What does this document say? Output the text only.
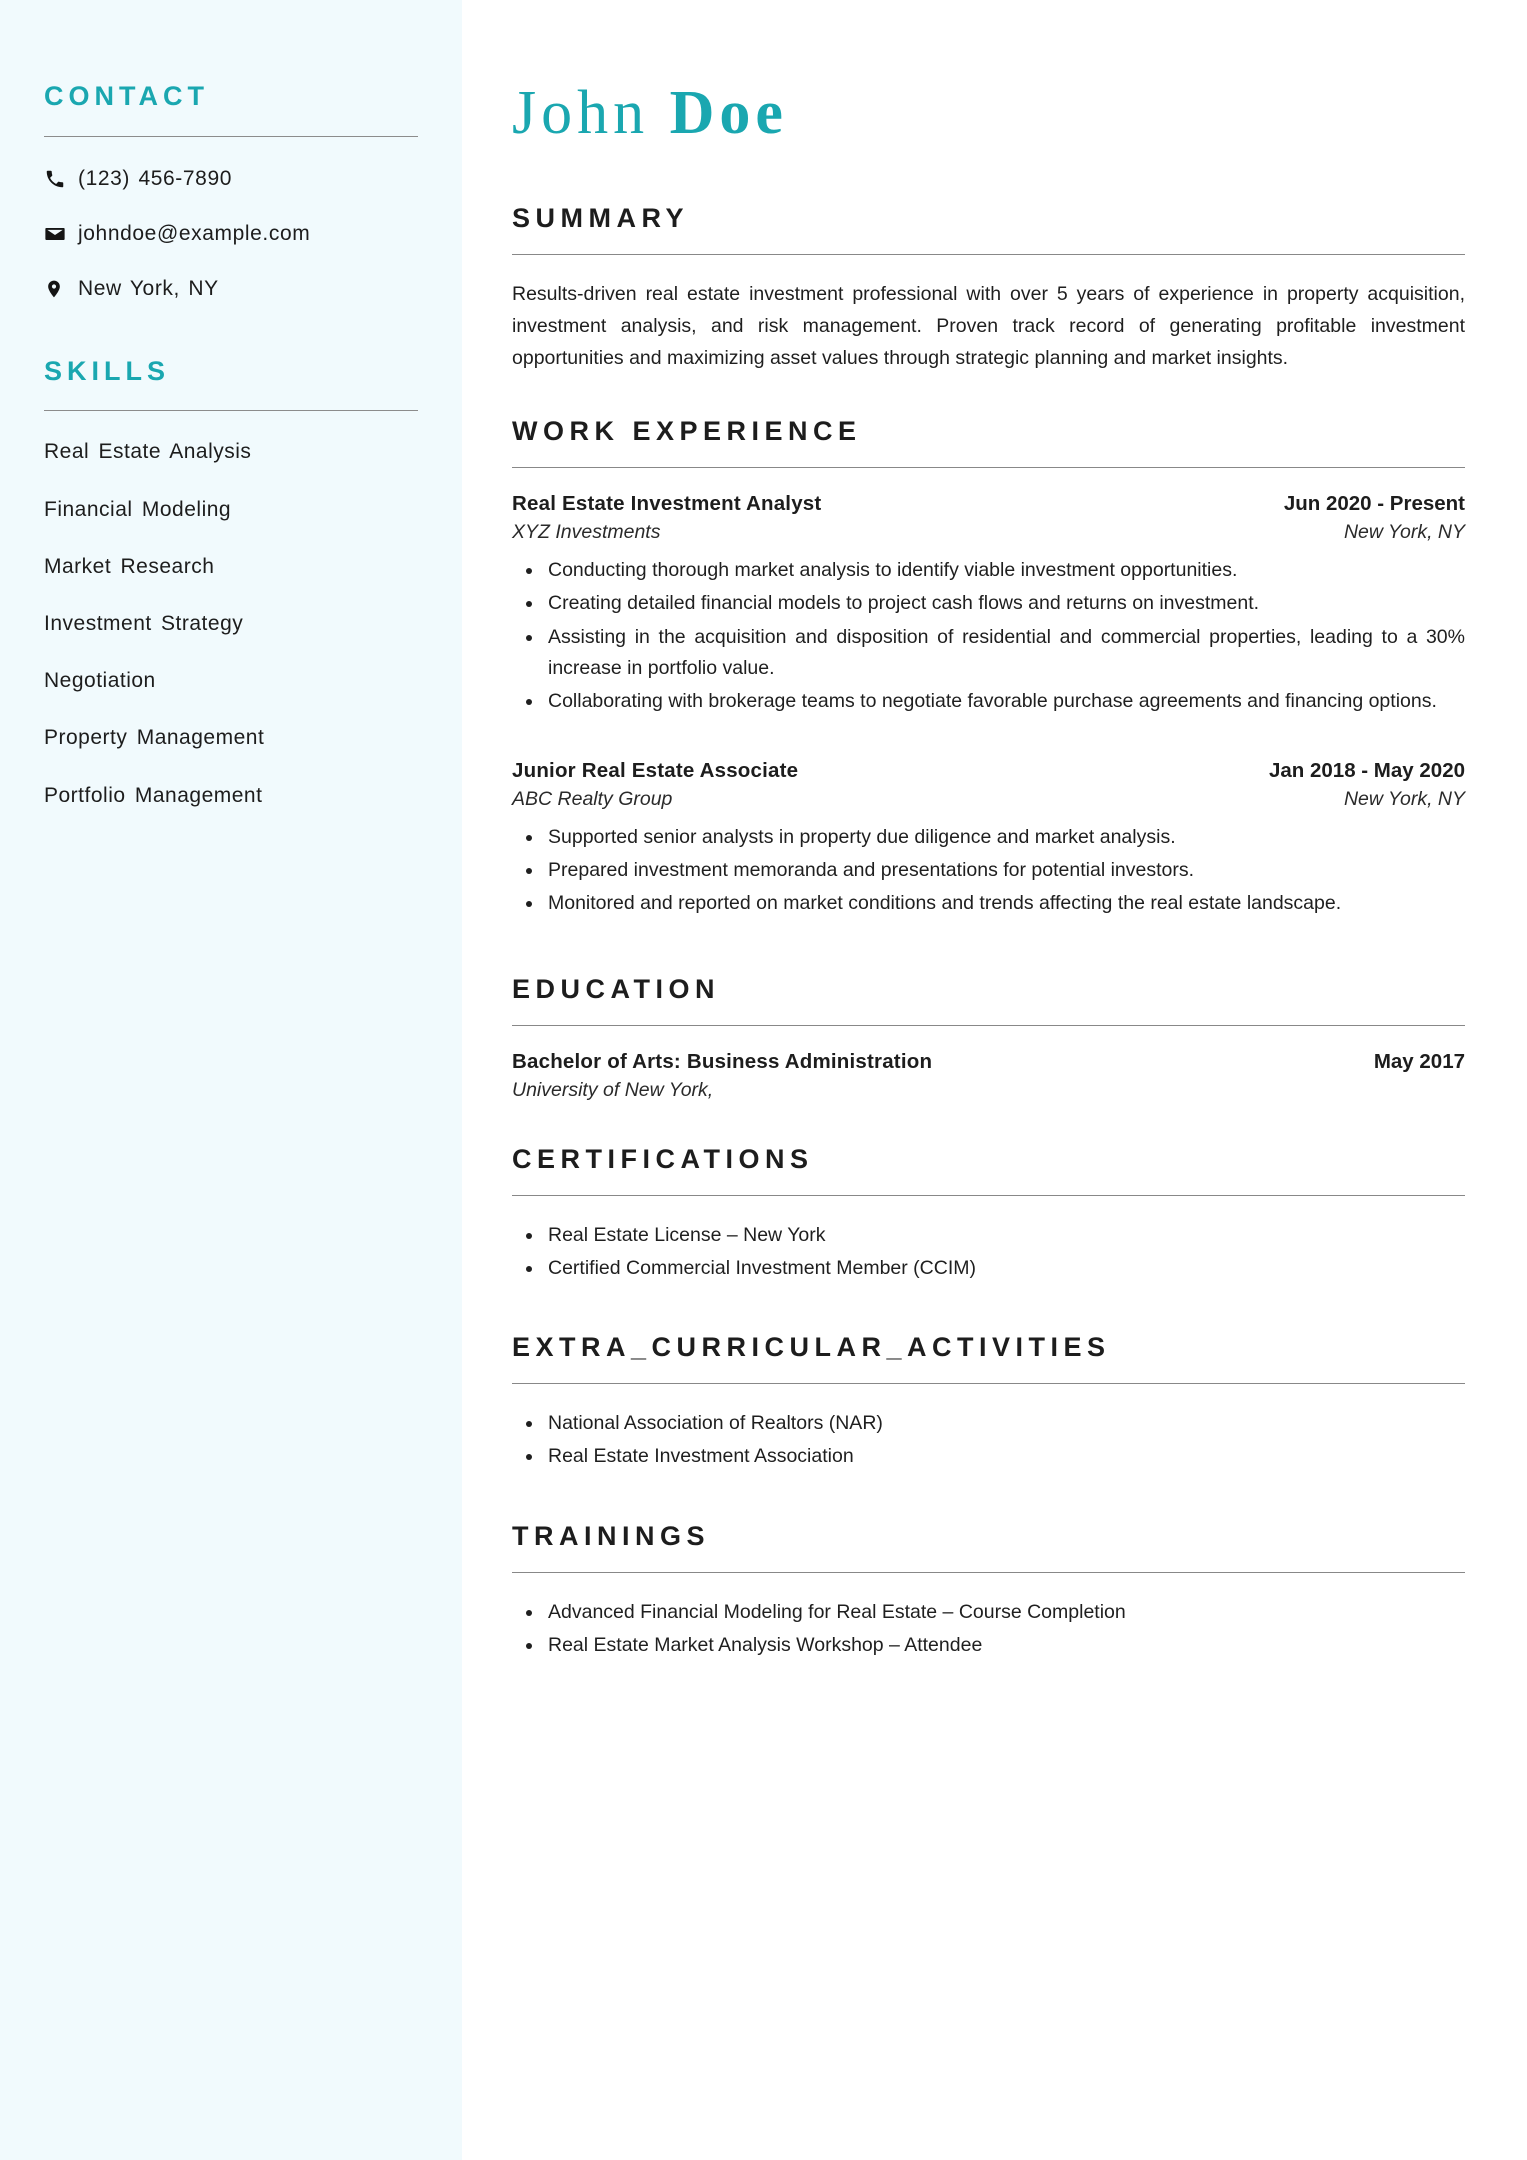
CONTACT
(123) 456-7890
johndoe@example.com
New York, NY
SKILLS
Real Estate Analysis
Financial Modeling
Market Research
Investment Strategy
Negotiation
Property Management
Portfolio Management
John Doe
SUMMARY

Results-driven real estate investment professional with over 5 years of experience in property acquisition, investment analysis, and risk management. Proven track record of generating profitable investment opportunities and maximizing asset values through strategic planning and market insights.

WORK EXPERIENCE
Real Estate Investment Analyst	Jun 2020 - Present
XYZ Investments	New York, NY
Conducting thorough market analysis to identify viable investment opportunities.
Creating detailed financial models to project cash flows and returns on investment.
Assisting in the acquisition and disposition of residential and commercial properties, leading to a 30% increase in portfolio value.
Collaborating with brokerage teams to negotiate favorable purchase agreements and financing options.
Junior Real Estate Associate	Jan 2018 - May 2020
ABC Realty Group	New York, NY
Supported senior analysts in property due diligence and market analysis.
Prepared investment memoranda and presentations for potential investors.
Monitored and reported on market conditions and trends affecting the real estate landscape.
EDUCATION
Bachelor of Arts: Business Administration	May 2017
University of New York,
CERTIFICATIONS
Real Estate License – New York
Certified Commercial Investment Member (CCIM)
EXTRA_CURRICULAR_ACTIVITIES
National Association of Realtors (NAR)
Real Estate Investment Association
TRAININGS
Advanced Financial Modeling for Real Estate – Course Completion
Real Estate Market Analysis Workshop – Attendee
